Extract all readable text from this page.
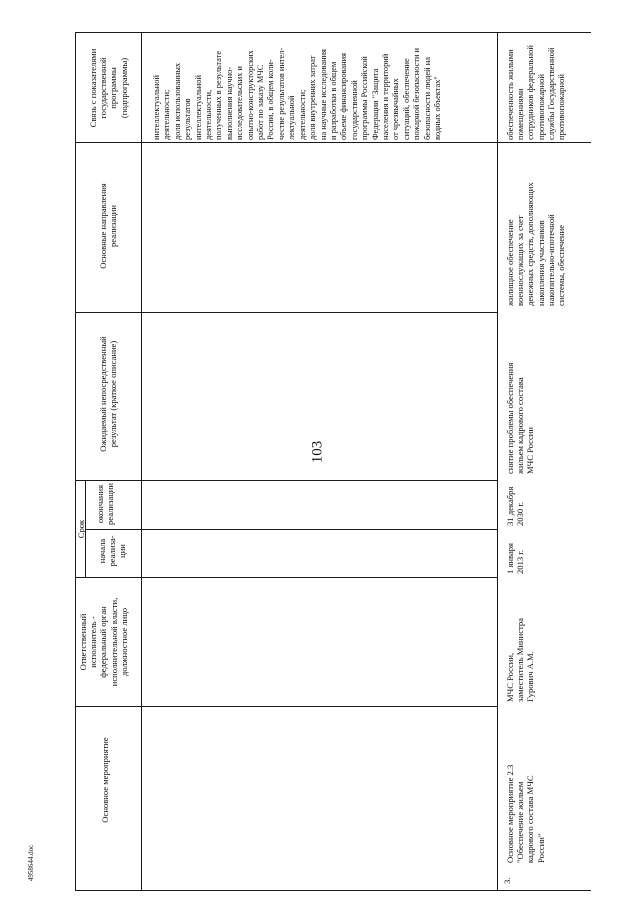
103
4958644.doc
Основное мероприятие
Ответственный исполнитель - федеральный орган исполнительной власти, должностное лицо
Срок
начала реализа- ции
окончания реализации
Ожидаемый непосредственный результат (краткое описание)
Основные направления реализации
Связь с показателями государственной программы (подпрограммы)	интеллектуальной деятельности; доля использованных результатов интеллектуальной деятельности, полученных в результате выполнения научно- исследовательских и опытно-конструкторских работ по заказу МЧС России, в общем коли- честве результатов интел- лектуальной деятельности; доля внутренних затрат на научные исследования и разработки в общем объеме финансирования государственной программы Российской Федерации "Защита населения и территорий от чрезвычайных ситуаций, обеспечение пожарной безопасности и безопасности людей на водных объектах"
3.
Основное мероприятие 2.3 "Обеспечение жильем кадрового состава МЧС России"
МЧС России, заместитель Министра Гурович А.М.
1 января 2013 г.
31 декабря 2030 г.
снятие проблемы обеспечения жильем кадрового состава МЧС России
жилищное обеспечение военнослужащих за счет денежных средств, дополняющих накопления участников накопительно-ипотечной системы, обеспечение
обеспеченность жилыми помещениями сотрудников федеральной противопожарной службы Государственной противопожарной
